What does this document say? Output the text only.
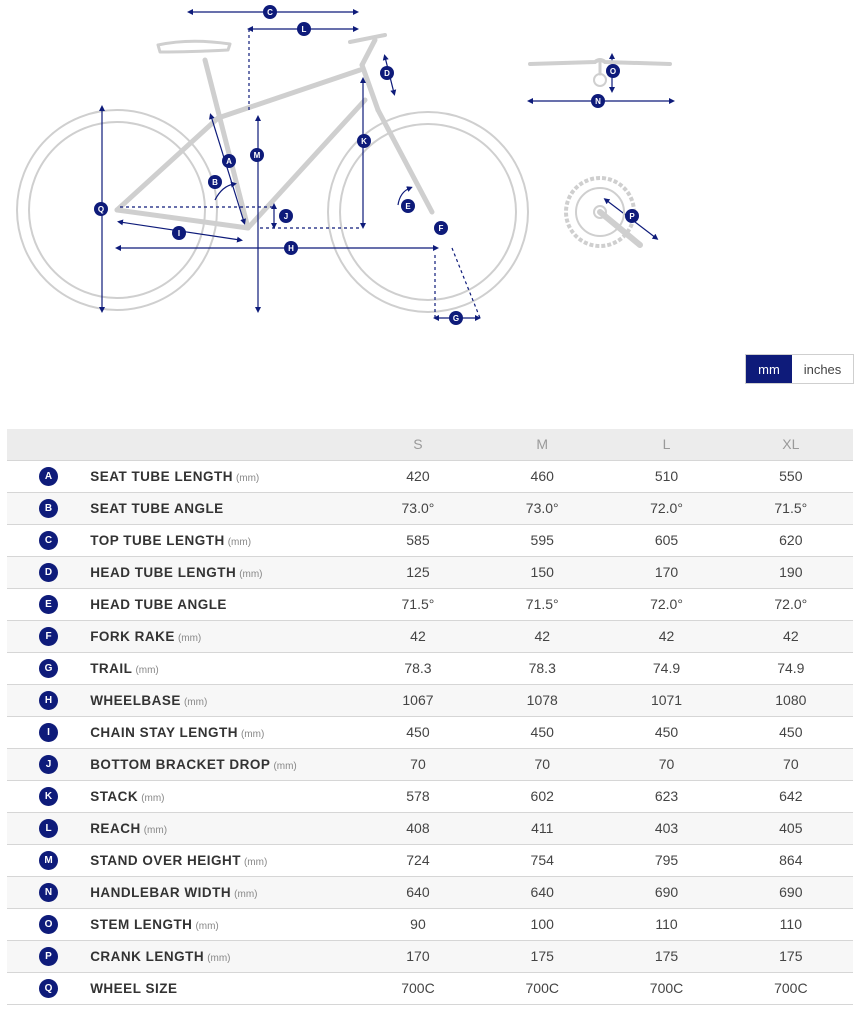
A
B
C
D
E
F
G
H
I
J
K
L
M
N
O
P
Q
mm	inches
		S	M	L	XL
A	SEAT TUBE LENGTH (mm)	420	460	510	550
B	SEAT TUBE ANGLE	73.0°	73.0°	72.0°	71.5°
C	TOP TUBE LENGTH (mm)	585	595	605	620
D	HEAD TUBE LENGTH (mm)	125	150	170	190
E	HEAD TUBE ANGLE	71.5°	71.5°	72.0°	72.0°
F	FORK RAKE (mm)	42	42	42	42
G	TRAIL (mm)	78.3	78.3	74.9	74.9
H	WHEELBASE (mm)	1067	1078	1071	1080
I	CHAIN STAY LENGTH (mm)	450	450	450	450
J	BOTTOM BRACKET DROP (mm)	70	70	70	70
K	STACK (mm)	578	602	623	642
L	REACH (mm)	408	411	403	405
M	STAND OVER HEIGHT (mm)	724	754	795	864
N	HANDLEBAR WIDTH (mm)	640	640	690	690
O	STEM LENGTH (mm)	90	100	110	110
P	CRANK LENGTH (mm)	170	175	175	175
Q	WHEEL SIZE	700C	700C	700C	700C
